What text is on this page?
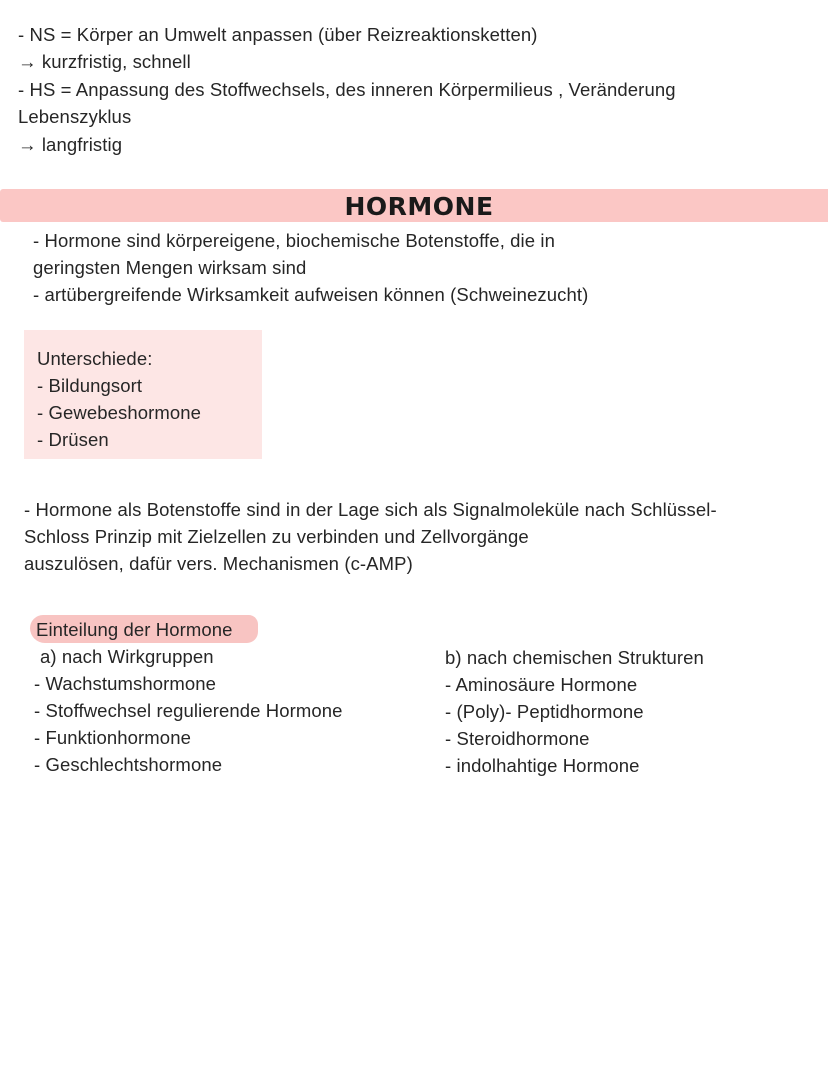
- NS = Körper an Umwelt anpassen (über Reizreaktionsketten)
→ kurzfristig, schnell
- HS = Anpassung des Stoffwechsels, des inneren Körpermilieus , Veränderung
Lebenszyklus
→ langfristig
HORMONE
- Hormone sind körpereigene, biochemische Botenstoffe, die in
geringsten Mengen wirksam sind
- artübergreifende Wirksamkeit aufweisen können (Schweinezucht)
Unterschiede:
- Bildungsort
- Gewebeshormone
- Drüsen
- Hormone als Botenstoffe sind in der Lage sich als Signalmoleküle nach Schlüssel-
Schloss Prinzip mit Zielzellen zu verbinden und Zellvorgänge
auszulösen, dafür vers. Mechanismen (c-AMP)
Einteilung der Hormone
a) nach Wirkgruppen
- Wachstumshormone
- Stoffwechsel regulierende Hormone
- Funktionhormone
- Geschlechtshormone
b) nach chemischen Strukturen
- Aminosäure Hormone
- (Poly)- Peptidhormone
- Steroidhormone
- indolhahtige Hormone
